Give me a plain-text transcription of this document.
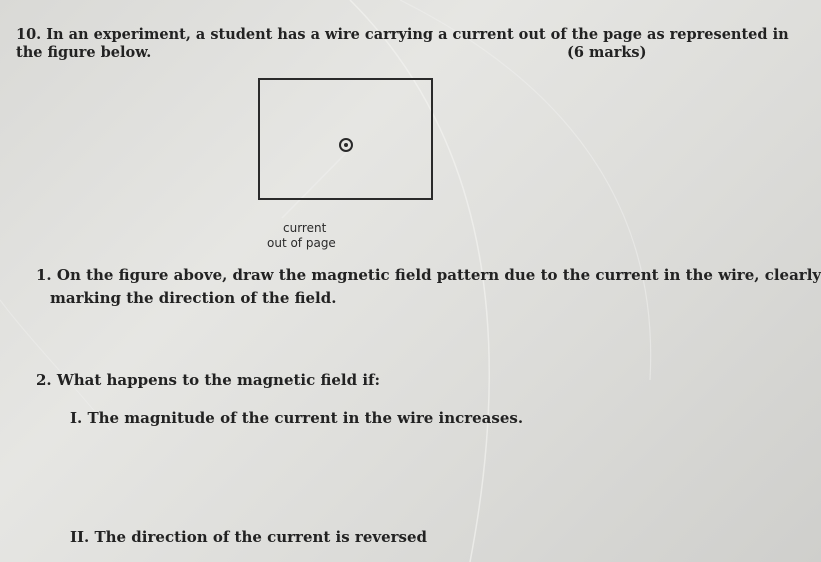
10. In an experiment, a student has a wire carrying a current out of the page as represented in
the figure below.	(6 marks)
current
out of page
1. On the figure above, draw the magnetic field pattern due to the current in the wire, clearly
marking the direction of the field.
2. What happens to the magnetic field if:
I. The magnitude of the current in the wire increases.
II. The direction of the current is reversed
